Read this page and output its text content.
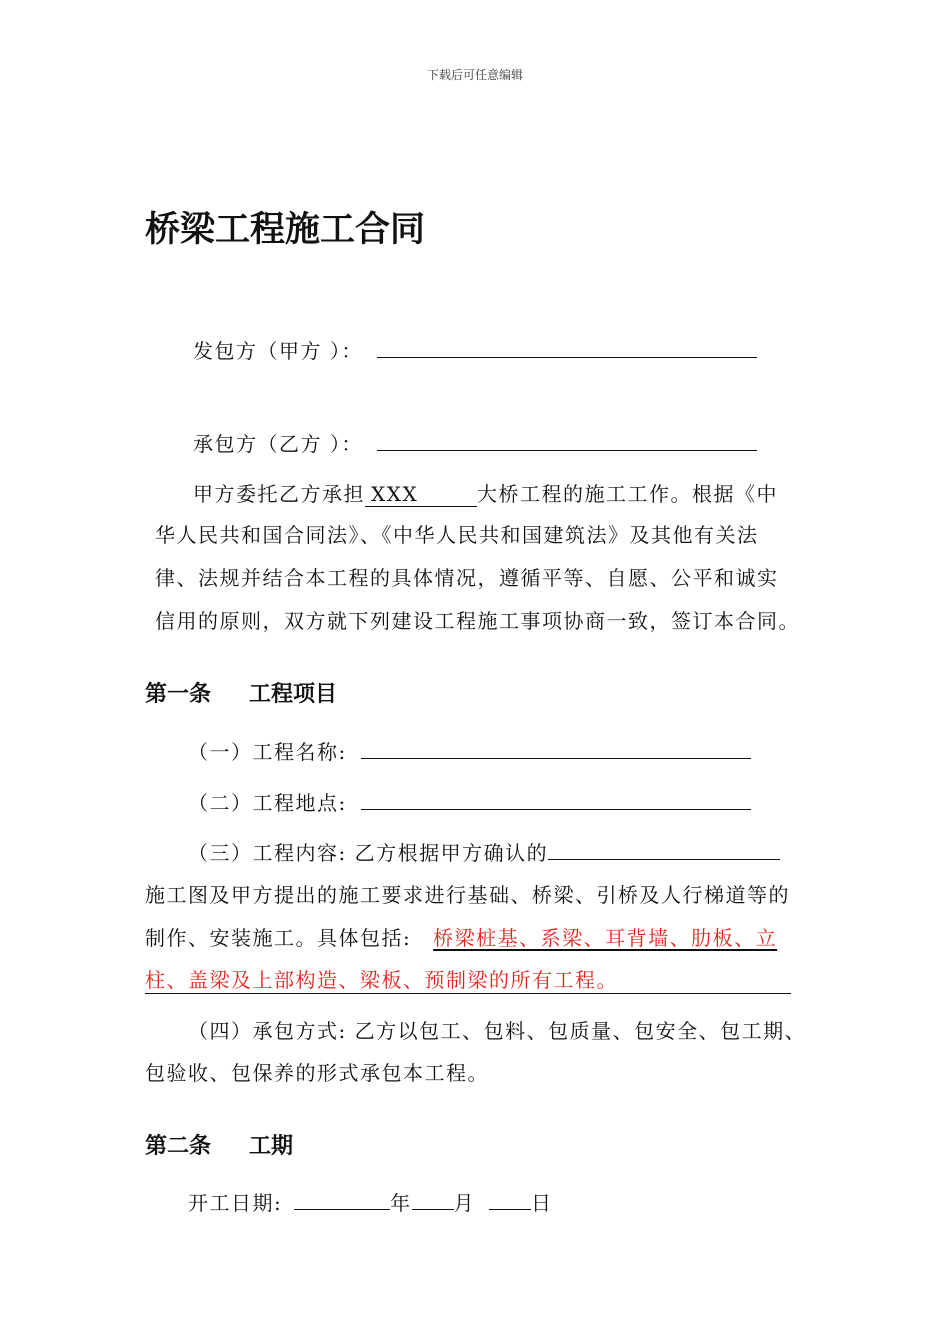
下载后可任意编辑
桥梁工程施工合同
发包方（甲方 ）：
承包方（乙方 ）：
甲方委托乙方承担 XXX	大桥工程的施工工作。根据《中
华人民共和国合同法》、《中华人民共和国建筑法》及其他有关法
律、法规并结合本工程的具体情况，遵循平等、自愿、公平和诚实
信用的原则，双方就下列建设工程施工事项协商一致，签订本合同。
第一条 工程项目
（一）工程名称:
（二）工程地点:
（三）工程内容: 乙方根据甲方确认的
施工图及甲方提出的施工要求进行基础、桥梁、引桥及人行梯道等的
制作、安装施工。具体包括: 桥梁桩基、系梁、耳背墙、肋板、立
柱、盖梁及上部构造、梁板、预制梁的所有工程。
（四）承包方式: 乙方以包工、包料、包质量、包安全、包工期、
包验收、包保养的形式承包本工程。
第二条 工期
开工日期:	年 月	日
